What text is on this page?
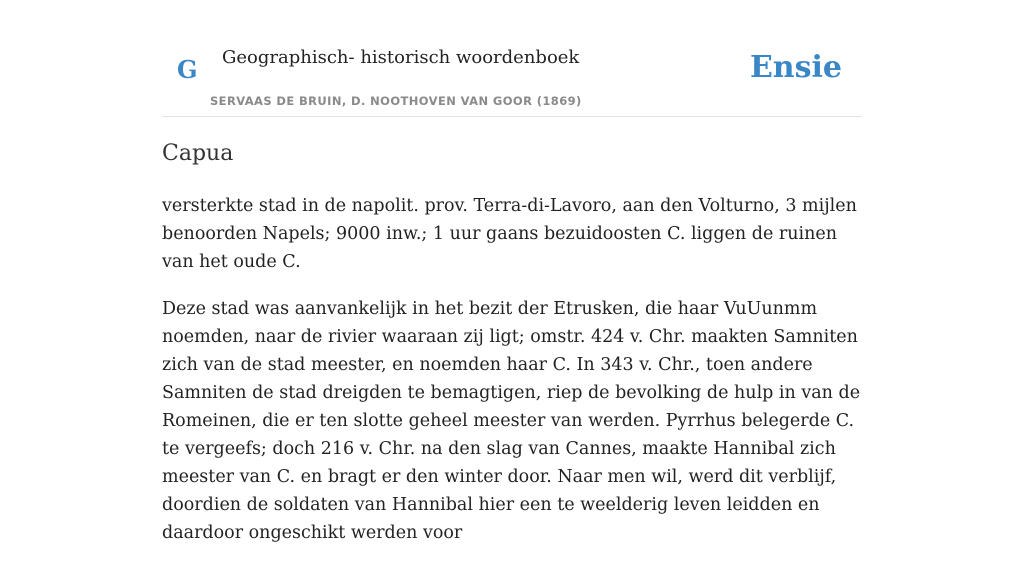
G Geographisch- historisch woordenboek
SERVAAS DE BRUIN, D. NOOTHOVEN VAN GOOR (1869)
Ensie
Capua

versterkte stad in de napolit. prov. Terra-di-Lavoro, aan den Volturno, 3 mijlen benoorden Napels; 9000 inw.; 1 uur gaans bezuidoosten C. liggen de ruinen van het oude C.

Deze stad was aanvankelijk in het bezit der Etrusken, die haar VuUunmm noemden, naar de rivier waaraan zij ligt; omstr. 424 v. Chr. maakten Samniten zich van de stad meester, en noemden haar C. In 343 v. Chr., toen andere Samniten de stad dreigden te bemagtigen, riep de bevolking de hulp in van de Romeinen, die er ten slotte geheel meester van werden. Pyrrhus belegerde C. te vergeefs; doch 216 v. Chr. na den slag van Cannes, maakte Hannibal zich meester van C. en bragt er den winter door. Naar men wil, werd dit verblijf, doordien de soldaten van Hannibal hier een te weelderig leven leidden en daardoor ongeschikt werden voor
